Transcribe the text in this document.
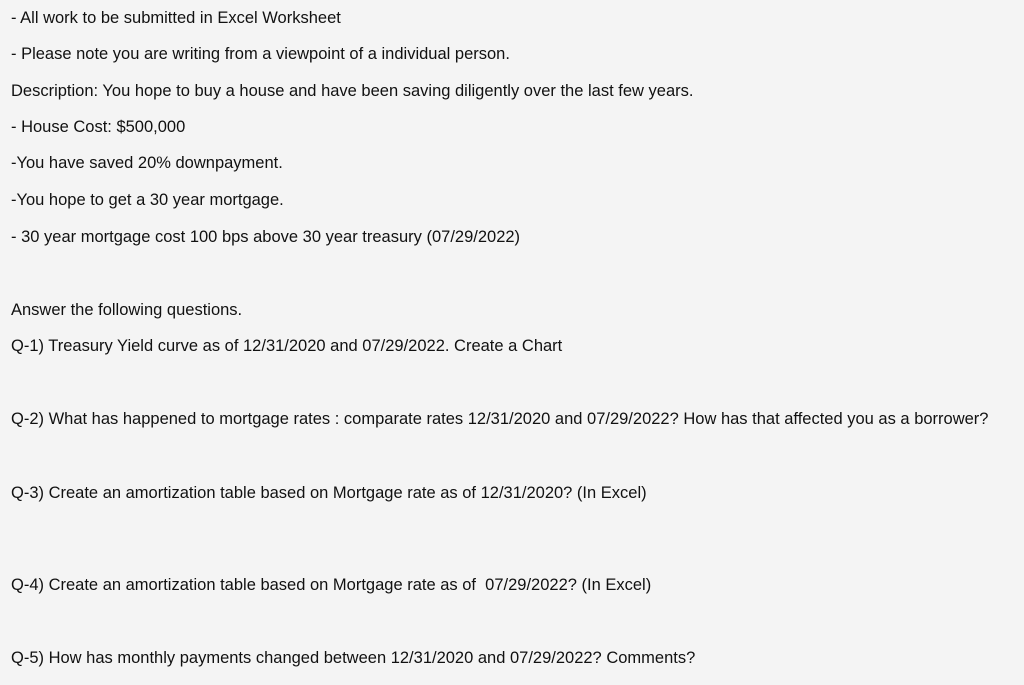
- All work to be submitted in Excel Worksheet

- Please note you are writing from a viewpoint of a individual person.

Description: You hope to buy a house and have been saving diligently over the last few years.

- House Cost: $500,000

-You have saved 20% downpayment.

-You hope to get a 30 year mortgage.

- 30 year mortgage cost 100 bps above 30 year treasury (07/29/2022)

Answer the following questions.

Q-1) Treasury Yield curve as of 12/31/2020 and 07/29/2022. Create a Chart

Q-2) What has happened to mortgage rates : comparate rates 12/31/2020 and 07/29/2022? How has that affected you as a borrower?

Q-3) Create an amortization table based on Mortgage rate as of 12/31/2020? (In Excel)

Q-4) Create an amortization table based on Mortgage rate as of  07/29/2022? (In Excel)

Q-5) How has monthly payments changed between 12/31/2020 and 07/29/2022? Comments?
